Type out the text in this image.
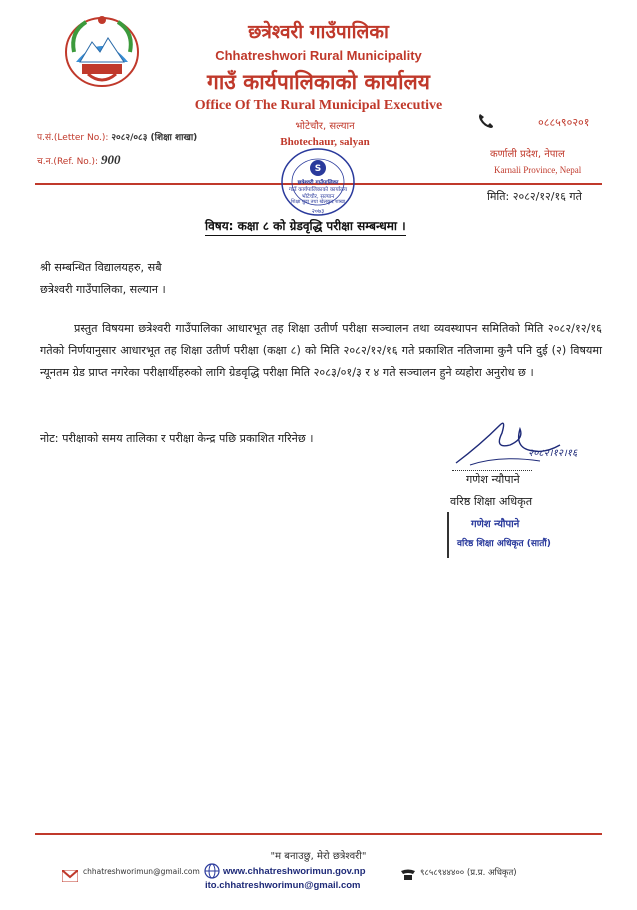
छत्रेश्वरी गाउँपालिका
Chhatreshwori Rural Municipality
गाउँ कार्यपालिकाको कार्यालय
Office Of The Rural Municipal Executive
प.सं.(Letter No.): २०८२/०८३ (शिक्षा शाखा)
च.न.(Ref. No.): 900
भोटेचौर, सल्यान
Bhotechaur, salyan
०८८५९०२०१
कर्णाली प्रदेश, नेपाल
Karnali Province, Nepal
मिति: २०८२/१२/१६ गते
S
छत्रेश्वरी गाउँपालिका
गाउँ कार्यपालिकाको कार्यालय
भोटेचौर, सल्यान
शिक्षा युवा तथा खेलकुद शाखा
२०७३
विषय: कक्षा ८ को ग्रेडवृद्धि परीक्षा सम्बन्धमा ।
श्री सम्बन्धित विद्यालयहरु, सबै
छत्रेश्वरी गाउँपालिका, सल्यान ।

प्रस्तुत विषयमा छत्रेश्वरी गाउँपालिका आधारभूत तह शिक्षा उतीर्ण परीक्षा सञ्चालन तथा व्यवस्थापन समितिको मिति २०८२/१२/१६ गतेको निर्णयानुसार आधारभूत तह शिक्षा उतीर्ण परीक्षा (कक्षा ८) को मिति २०८२/१२/१६ गते प्रकाशित नतिजामा कुनै पनि दुई (२) विषयमा न्यूनतम ग्रेड प्राप्त नगरेका परीक्षार्थीहरुको लागि ग्रेडवृद्धि परीक्षा मिति २०८३/०१/३ र ४ गते सञ्चालन हुने व्यहोरा अनुरोध छ ।

नोट: परीक्षाको समय तालिका र परीक्षा केन्द्र पछि प्रकाशित गरिनेछ ।
२०८२।१२।१६
गणेश न्यौपाने
वरिष्ठ शिक्षा अधिकृत
गणेश न्यौपाने
वरिष्ठ शिक्षा अधिकृत (सातौं)
"म बनाउछु, मेरो छत्रेश्वरी"
chhatreshworimun@gmail.com www.chhatreshworimun.gov.np
ito.chhatreshworimun@gmail.com
९८५८९४४४०० (प्र.प्र. अधिकृत)
